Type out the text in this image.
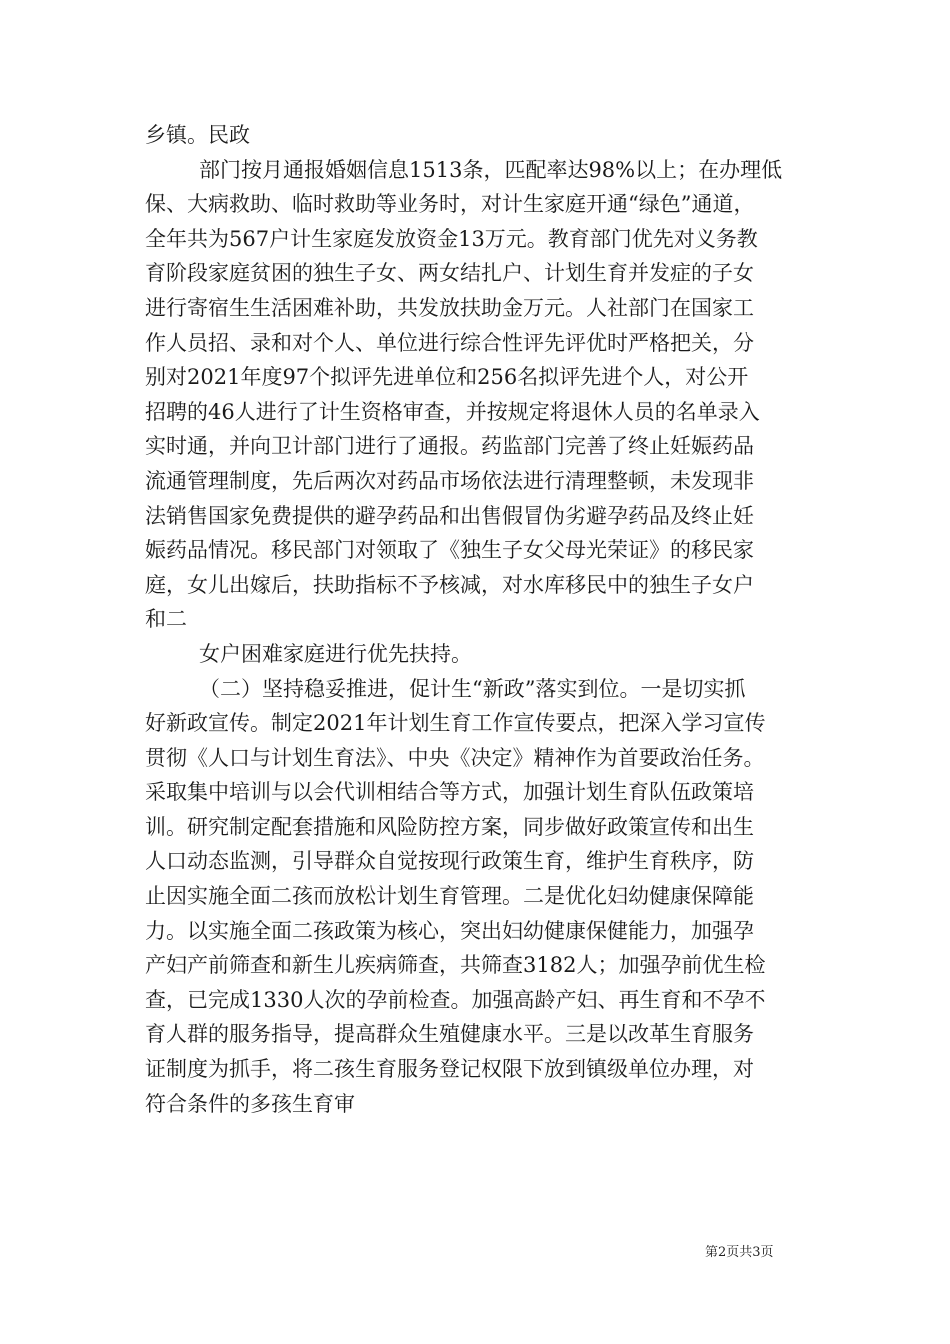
乡镇。民政
部门按月通报婚姻信息1513条，匹配率达98%以上；在办理低
保、大病救助、临时救助等业务时，对计生家庭开通“绿色”通道，
全年共为567户计生家庭发放资金13万元。教育部门优先对义务教
育阶段家庭贫困的独生子女、两女结扎户、计划生育并发症的子女
进行寄宿生生活困难补助，共发放扶助金万元。人社部门在国家工
作人员招、录和对个人、单位进行综合性评先评优时严格把关，分
别对2021年度97个拟评先进单位和256名拟评先进个人，对公开
招聘的46人进行了计生资格审查，并按规定将退休人员的名单录入
实时通，并向卫计部门进行了通报。药监部门完善了终止妊娠药品
流通管理制度，先后两次对药品市场依法进行清理整顿，未发现非
法销售国家免费提供的避孕药品和出售假冒伪劣避孕药品及终止妊
娠药品情况。移民部门对领取了《独生子女父母光荣证》的移民家
庭，女儿出嫁后，扶助指标不予核减，对水库移民中的独生子女户
和二
女户困难家庭进行优先扶持。
（二）坚持稳妥推进，促计生“新政”落实到位。一是切实抓
好新政宣传。制定2021年计划生育工作宣传要点，把深入学习宣传
贯彻《人口与计划生育法》、中央《决定》精神作为首要政治任务。
采取集中培训与以会代训相结合等方式，加强计划生育队伍政策培
训。研究制定配套措施和风险防控方案，同步做好政策宣传和出生
人口动态监测，引导群众自觉按现行政策生育，维护生育秩序，防
止因实施全面二孩而放松计划生育管理。二是优化妇幼健康保障能
力。以实施全面二孩政策为核心，突出妇幼健康保健能力，加强孕
产妇产前筛查和新生儿疾病筛查，共筛查3182人；加强孕前优生检
查，已完成1330人次的孕前检查。加强高龄产妇、再生育和不孕不
育人群的服务指导，提高群众生殖健康水平。三是以改革生育服务
证制度为抓手，将二孩生育服务登记权限下放到镇级单位办理，对
符合条件的多孩生育审
第2页共3页
